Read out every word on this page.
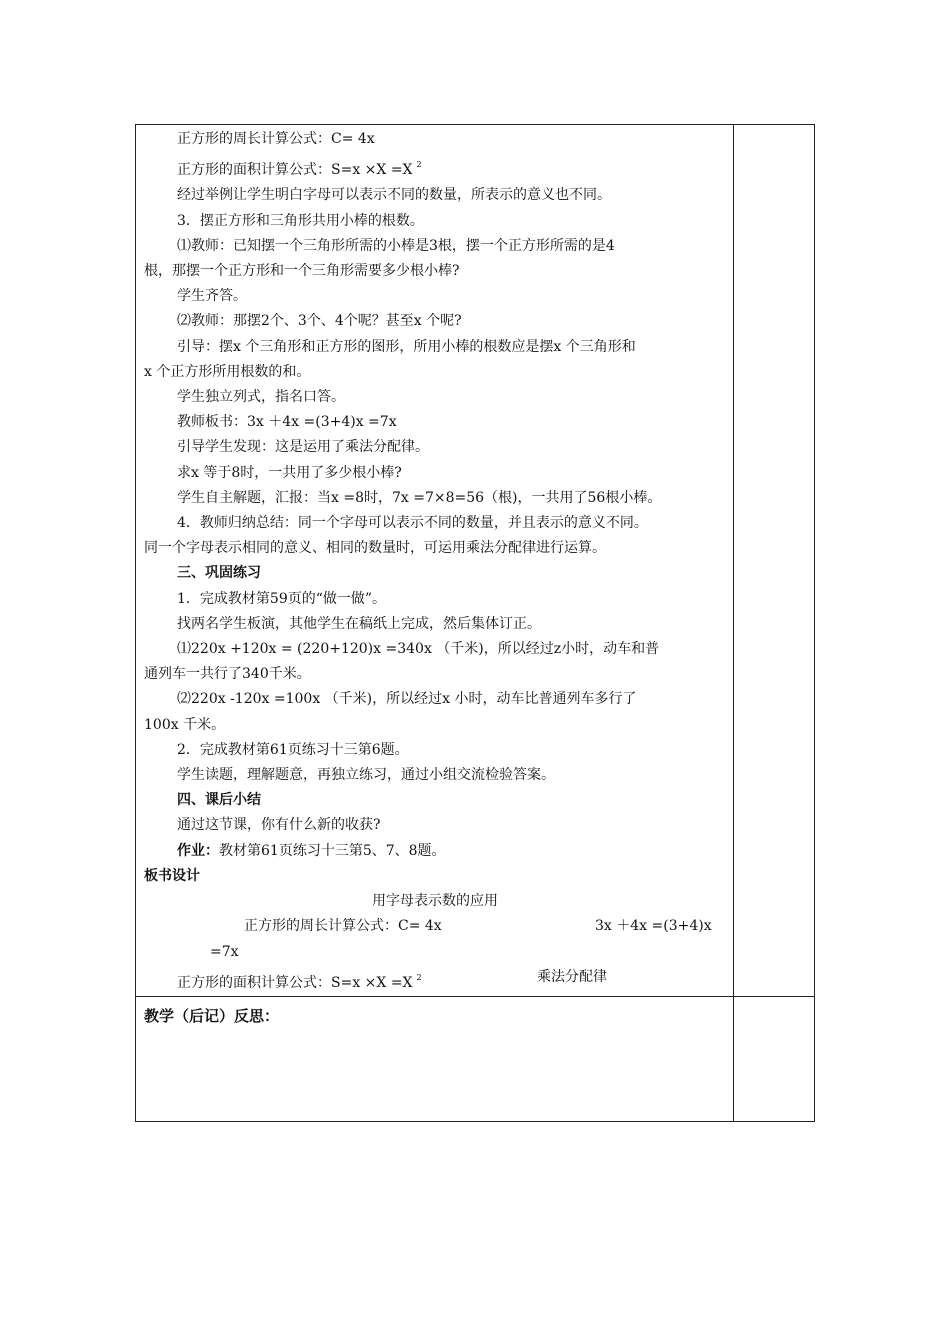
正方形的周长计算公式：C= 4x

正方形的面积计算公式：S=x ×X =X $^2$

经过举例让学生明白字母可以表示不同的数量，所表示的意义也不同。

3．摆正方形和三角形共用小棒的根数。

⑴教师：已知摆一个三角形所需的小棒是3根，摆一个正方形所需的是4

根，那摆一个正方形和一个三角形需要多少根小棒?

学生齐答。

⑵教师：那摆2个、3个、4个呢？甚至x 个呢?

引导：摆x 个三角形和正方形的图形，所用小棒的根数应是摆x 个三角形和

x 个正方形所用根数的和。

学生独立列式，指名口答。

教师板书：3x ＋4x =(3+4)x =7x

引导学生发现：这是运用了乘法分配律。

求x 等于8时，一共用了多少根小棒?

学生自主解题，汇报：当x =8时，7x =7×8=56（根)，一共用了56根小棒。

4．教师归纳总结：同一个字母可以表示不同的数量，并且表示的意义不同。

同一个字母表示相同的意义、相同的数量时，可运用乘法分配律进行运算。

三、巩固练习

1．完成教材第59页的“做一做”。

找两名学生板演，其他学生在稿纸上完成，然后集体订正。

⑴220x +120x = (220+120)x =340x （千米)，所以经过z小时，动车和普

通列车一共行了340千米。

⑵220x -120x =100x （千米)，所以经过x 小时，动车比普通列车多行了

100x 千米。

2．完成教材第61页练习十三第6题。

学生读题，理解题意，再独立练习，通过小组交流检验答案。

四、课后小结

通过这节课，你有什么新的收获?

作业：教材第61页练习十三第5、7、8题。

板书设计

用字母表示数的应用

正方形的周长计算公式：C= 4x	3x ＋4x =(3+4)x

=7x

正方形的面积计算公式：S=x ×X =X $^2$	乘法分配律

教学（后记）反思：
